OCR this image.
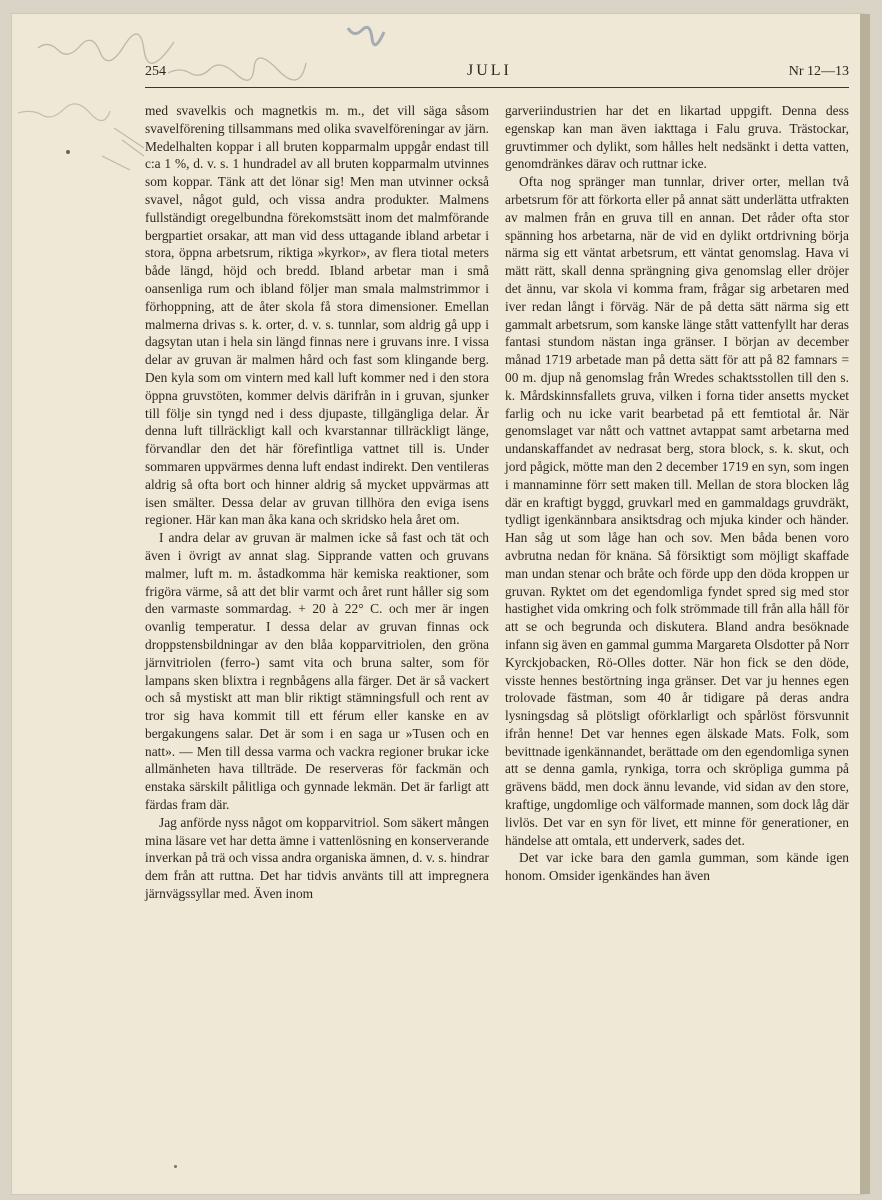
254	JULI	Nr 12—13

med svavelkis och magnetkis m. m., det vill säga såsom svavelförening tillsammans med olika svavelföreningar av järn. Medelhalten koppar i all bruten kopparmalm uppgår endast till c:a 1 %, d. v. s. 1 hundradel av all bruten kopparmalm utvinnes som koppar. Tänk att det lönar sig! Men man utvinner också svavel, något guld, och vissa andra produkter. Malmens fullständigt oregelbundna förekomstsätt inom det malmförande bergpartiet orsakar, att man vid dess uttagande ibland arbetar i stora, öppna arbetsrum, riktiga »kyrkor», av flera tiotal meters både längd, höjd och bredd. Ibland arbetar man i små oansenliga rum och ibland följer man smala malmstrimmor i förhoppning, att de åter skola få stora dimensioner. Emellan malmerna drivas s. k. orter, d. v. s. tunnlar, som aldrig gå upp i dagsytan utan i hela sin längd finnas nere i gruvans inre. I vissa delar av gruvan är malmen hård och fast som klingande berg. Den kyla som om vintern med kall luft kommer ned i den stora öppna gruvstöten, kommer delvis därifrån in i gruvan, sjunker till följe sin tyngd ned i dess djupaste, tillgängliga delar. Är denna luft tillräckligt kall och kvarstannar tillräckligt länge, förvandlar den det här förefintliga vattnet till is. Under sommaren uppvärmes denna luft endast indirekt. Den ventileras aldrig så ofta bort och hinner aldrig så mycket uppvärmas att isen smälter. Dessa delar av gruvan tillhöra den eviga isens regioner. Här kan man åka kana och skridsko hela året om.

I andra delar av gruvan är malmen icke så fast och tät och även i övrigt av annat slag. Sipprande vatten och gruvans malmer, luft m. m. åstadkomma här kemiska reaktioner, som frigöra värme, så att det blir varmt och året runt håller sig som den varmaste sommardag. + 20 à 22° C. och mer är ingen ovanlig temperatur. I dessa delar av gruvan finnas ock droppstensbildningar av den blåa kopparvitriolen, den gröna järnvitriolen (ferro-) samt vita och bruna salter, som för lampans sken blixtra i regnbågens alla färger. Det är så vackert och så mystiskt att man blir riktigt stämningsfull och rent av tror sig hava kommit till ett férum eller kanske en av bergakungens salar. Det är som i en saga ur »Tusen och en natt». — Men till dessa varma och vackra regioner brukar icke allmänheten hava tillträde. De reserveras för fackmän och enstaka särskilt pålitliga och gynnade lekmän. Det är farligt att färdas fram där.

Jag anförde nyss något om kopparvitriol. Som säkert mången mina läsare vet har detta ämne i vattenlösning en konserverande inverkan på trä och vissa andra organiska ämnen, d. v. s. hindrar dem från att ruttna. Det har tidvis använts till att impregnera järnvägssyllar med. Även inom

garveriindustrien har det en likartad uppgift. Denna dess egenskap kan man även iakttaga i Falu gruva. Trästockar, gruvtimmer och dylikt, som hålles helt nedsänkt i detta vatten, genomdränkes därav och ruttnar icke.

Ofta nog spränger man tunnlar, driver orter, mellan två arbetsrum för att förkorta eller på annat sätt underlätta utfrakten av malmen från en gruva till en annan. Det råder ofta stor spänning hos arbetarna, när de vid en dylikt ortdrivning börja närma sig ett väntat arbetsrum, ett väntat genomslag. Hava vi mätt rätt, skall denna sprängning giva genomslag eller dröjer det ännu, var skola vi komma fram, frågar sig arbetaren med iver redan långt i förväg. När de på detta sätt närma sig ett gammalt arbetsrum, som kanske länge stått vattenfyllt har deras fantasi stundom nästan inga gränser. I början av december månad 1719 arbetade man på detta sätt för att på 82 famnars = 00 m. djup nå genomslag från Wredes schaktsstollen till den s. k. Mårdskinnsfallets gruva, vilken i forna tider ansetts mycket farlig och nu icke varit bearbetad på ett femtiotal år. När genomslaget var nått och vattnet avtappat samt arbetarna med undanskaffandet av nedrasat berg, stora block, s. k. skut, och jord pågick, mötte man den 2 december 1719 en syn, som ingen i mannaminne förr sett maken till. Mellan de stora blocken låg där en kraftigt byggd, gruvkarl med en gammaldags gruvdräkt, tydligt igenkännbara ansiktsdrag och mjuka kinder och händer. Han såg ut som låge han och sov. Men båda benen voro avbrutna nedan för knäna. Så försiktigt som möjligt skaffade man undan stenar och bråte och förde upp den döda kroppen ur gruvan. Ryktet om det egendomliga fyndet spred sig med stor hastighet vida omkring och folk strömmade till från alla håll för att se och begrunda och diskutera. Bland andra besöknade infann sig även en gammal gumma Margareta Olsdotter på Norr Kyrckjobacken, Rö-Olles dotter. När hon fick se den döde, visste hennes bestörtning inga gränser. Det var ju hennes egen trolovade fästman, som 40 år tidigare på deras andra lysningsdag så plötsligt oförklarligt och spårlöst försvunnit ifrån henne! Det var hennes egen älskade Mats. Folk, som bevittnade igenkännandet, berättade om den egendomliga synen att se denna gamla, rynkiga, torra och skröpliga gumma på grävens bädd, men dock ännu levande, vid sidan av den store, kraftige, ungdomlige och välformade mannen, som dock låg där livlös. Det var en syn för livet, ett minne för generationer, en händelse att omtala, ett underverk, sades det.

Det var icke bara den gamla gumman, som kände igen honom. Omsider igenkändes han även
